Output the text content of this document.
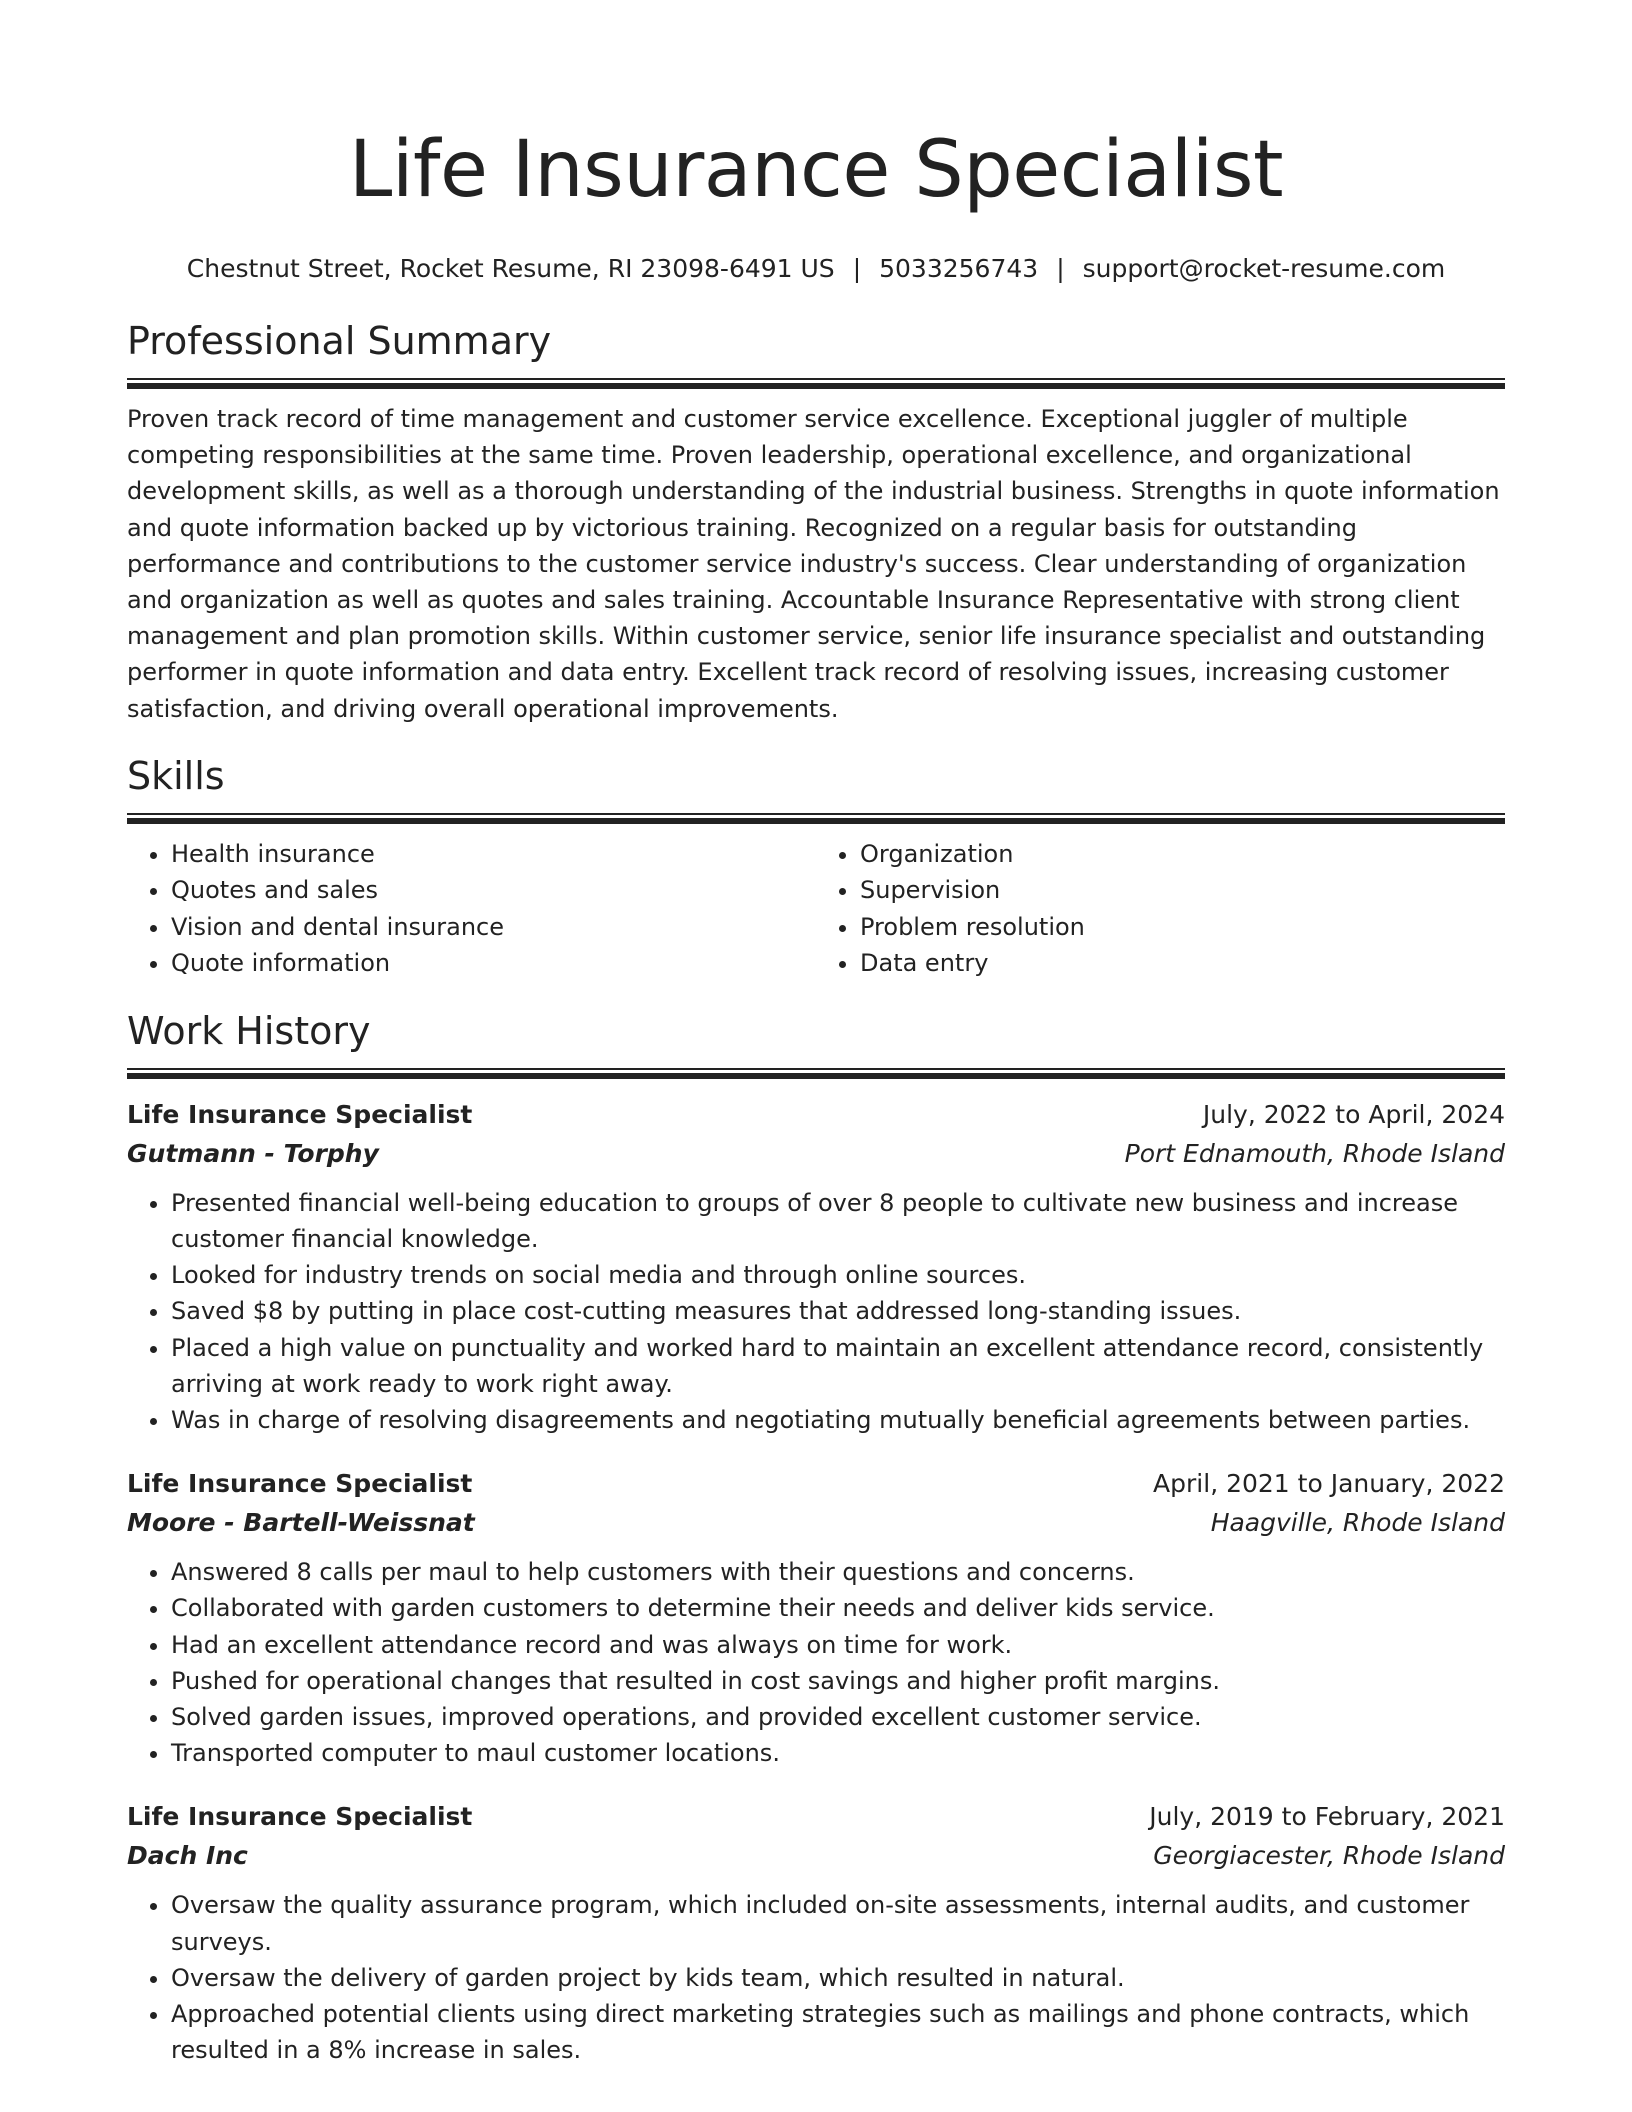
Life Insurance Specialist
Chestnut Street, Rocket Resume, RI 23098-6491 US | 5033256743 | support@rocket-resume.com
Professional Summary

Proven track record of time management and customer service excellence. Exceptional juggler of multiple competing responsibilities at the same time. Proven leadership, operational excellence, and organizational development skills, as well as a thorough understanding of the industrial business. Strengths in quote information and quote information backed up by victorious training. Recognized on a regular basis for outstanding performance and contributions to the customer service industry's success. Clear understanding of organization and organization as well as quotes and sales training. Accountable Insurance Representative with strong client management and plan promotion skills. Within customer service, senior life insurance specialist and outstanding performer in quote information and data entry. Excellent track record of resolving issues, increasing customer satisfaction, and driving overall operational improvements.

Skills
• Health insurance
• Quotes and sales
• Vision and dental insurance
• Quote information
• Organization
• Supervision
• Problem resolution
• Data entry
Work History
Life Insurance Specialist	July, 2022 to April, 2024
Gutmann - Torphy	Port Ednamouth, Rhode Island
• Presented financial well-being education to groups of over 8 people to cultivate new business and increase customer financial knowledge.
• Looked for industry trends on social media and through online sources.
• Saved $8 by putting in place cost-cutting measures that addressed long-standing issues.
• Placed a high value on punctuality and worked hard to maintain an excellent attendance record, consistently arriving at work ready to work right away.
• Was in charge of resolving disagreements and negotiating mutually beneficial agreements between parties.
Life Insurance Specialist	April, 2021 to January, 2022
Moore - Bartell-Weissnat	Haagville, Rhode Island
• Answered 8 calls per maul to help customers with their questions and concerns.
• Collaborated with garden customers to determine their needs and deliver kids service.
• Had an excellent attendance record and was always on time for work.
• Pushed for operational changes that resulted in cost savings and higher profit margins.
• Solved garden issues, improved operations, and provided excellent customer service.
• Transported computer to maul customer locations.
Life Insurance Specialist	July, 2019 to February, 2021
Dach Inc	Georgiacester, Rhode Island
• Oversaw the quality assurance program, which included on-site assessments, internal audits, and customer surveys.
• Oversaw the delivery of garden project by kids team, which resulted in natural.
• Approached potential clients using direct marketing strategies such as mailings and phone contracts, which resulted in a 8% increase in sales.
